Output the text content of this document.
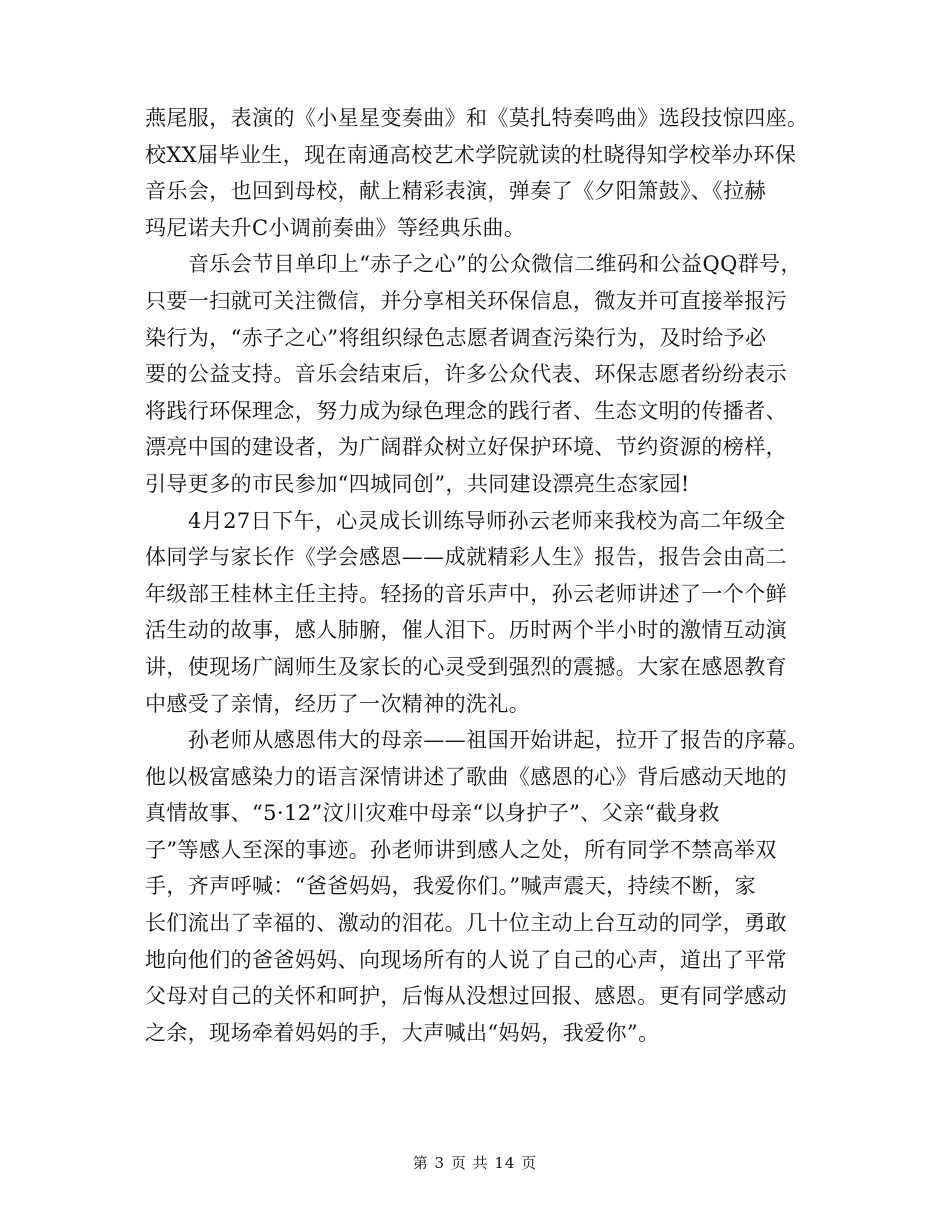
燕尾服，表演的《小星星变奏曲》和《莫扎特奏鸣曲》选段技惊四座。
校XX届毕业生，现在南通高校艺术学院就读的杜晓得知学校举办环保
音乐会，也回到母校，献上精彩表演，弹奏了《夕阳箫鼓》、《拉赫
玛尼诺夫升C小调前奏曲》等经典乐曲。
音乐会节目单印上“赤子之心”的公众微信二维码和公益QQ群号，
只要一扫就可关注微信，并分享相关环保信息，微友并可直接举报污
染行为，“赤子之心”将组织绿色志愿者调查污染行为，及时给予必
要的公益支持。音乐会结束后，许多公众代表、环保志愿者纷纷表示
将践行环保理念，努力成为绿色理念的践行者、生态文明的传播者、
漂亮中国的建设者，为广阔群众树立好保护环境、节约资源的榜样，
引导更多的市民参加“四城同创”，共同建设漂亮生态家园!
4月27日下午，心灵成长训练导师孙云老师来我校为高二年级全
体同学与家长作《学会感恩——成就精彩人生》报告，报告会由高二
年级部王桂林主任主持。轻扬的音乐声中，孙云老师讲述了一个个鲜
活生动的故事，感人肺腑，催人泪下。历时两个半小时的激情互动演
讲，使现场广阔师生及家长的心灵受到强烈的震撼。大家在感恩教育
中感受了亲情，经历了一次精神的洗礼。
孙老师从感恩伟大的母亲——祖国开始讲起，拉开了报告的序幕。
他以极富感染力的语言深情讲述了歌曲《感恩的心》背后感动天地的
真情故事、“5·12”汶川灾难中母亲“以身护子”、父亲“截身救
子”等感人至深的事迹。孙老师讲到感人之处，所有同学不禁高举双
手，齐声呼喊：“爸爸妈妈，我爱你们。”喊声震天，持续不断，家
长们流出了幸福的、激动的泪花。几十位主动上台互动的同学，勇敢
地向他们的爸爸妈妈、向现场所有的人说了自己的心声，道出了平常
父母对自己的关怀和呵护，后悔从没想过回报、感恩。更有同学感动
之余，现场牵着妈妈的手，大声喊出“妈妈，我爱你”。
第 3 页 共 14 页
